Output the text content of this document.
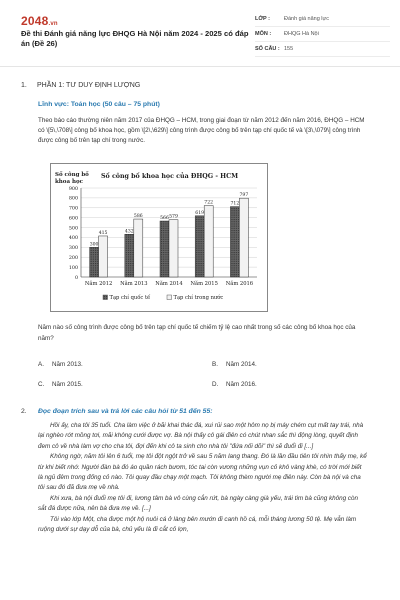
2048.vn
Đề thi Đánh giá năng lực ĐHQG Hà Nội năm 2024 - 2025 có đáp án (Đề 26)
LỚP :	Đánh giá năng lực
MÔN :	ĐHQG Hà Nội
SỐ CÂU : 155
1. PHẦN 1: TƯ DUY ĐỊNH LƯỢNG
Lĩnh vực: Toán học (50 câu – 75 phút)
Theo báo cáo thường niên năm 2017 của ĐHQG – HCM, trong giai đoạn từ năm 2012 đến năm 2016, ĐHQG – HCM có \[5\,\708\] công bố khoa học, gồm \[2\,\629\] công trình được công bố trên tạp chí quốc tế và \[3\,\079\] công trình được công bố trên tạp chí trong nước.
Số công bố
khoa học
Số công bố khoa học của ĐHQG - HCM
0
100
200
300
400
500
600
700
800
900
300
415
Năm 2012
432
586
Năm 2013
566 579
Năm 2014
619
722
Năm 2015
712
797
Năm 2016
Tạp chí quốc tế	Tạp chí trong nước
Năm nào số công trình được công bố trên tạp chí quốc tế chiếm tỷ lệ cao nhất trong số các công bố khoa học của năm?
A. Năm 2013.	B. Năm 2014.
C. Năm 2015.	D. Năm 2016.
2. Đọc đoạn trích sau và trả lời các câu hỏi từ 51 đến 55:

Hồi ấy, cha tôi 35 tuổi. Cha làm việc ở bãi khai thác đá, xui rủi sao một hôm nọ bị máy chém cụt mất tay trái, nhà lại nghèo rớt mồng tơi, mãi không cưới được vợ. Bà nội thấy cô gái điên có chút nhan sắc thì động lòng, quyết định đem cô về nhà làm vợ cho cha tôi, đợi đến khi cô ta sinh cho nhà tôi "đứa nối dõi" thì sẽ đuổi đi [...]

Không ngờ, năm tôi lên 6 tuổi, mẹ tôi đột ngột trở về sau 5 năm lang thang. Đó là lần đầu tiên tôi nhìn thấy mẹ, kể từ khi biết nhớ. Người đàn bà đó áo quần rách bươm, tóc tai còn vương những vụn cỏ khô vàng khè, có trời mới biết là ngủ đêm trong đống cỏ nào. Tôi quay đầu chạy một mạch. Tôi không thèm người mẹ điên này. Còn bà nội và cha tôi sau đó đã đưa mẹ về nhà.

Khi xưa, bà nội đuổi mẹ tôi đi, lương tâm bà vô cùng cắn rứt, bà ngày càng già yếu, trái tim bà cũng không còn sắt đá được nữa, nên bà đưa mẹ về. [...]

Tôi vào lớp Một, cha được một hộ nuôi cá ở làng bên mướn đi canh hồ cá, mỗi tháng lương 50 tệ. Mẹ vẫn làm ruộng dưới sự dạy dỗ của bà, chủ yếu là đi cắt cỏ lợn,
